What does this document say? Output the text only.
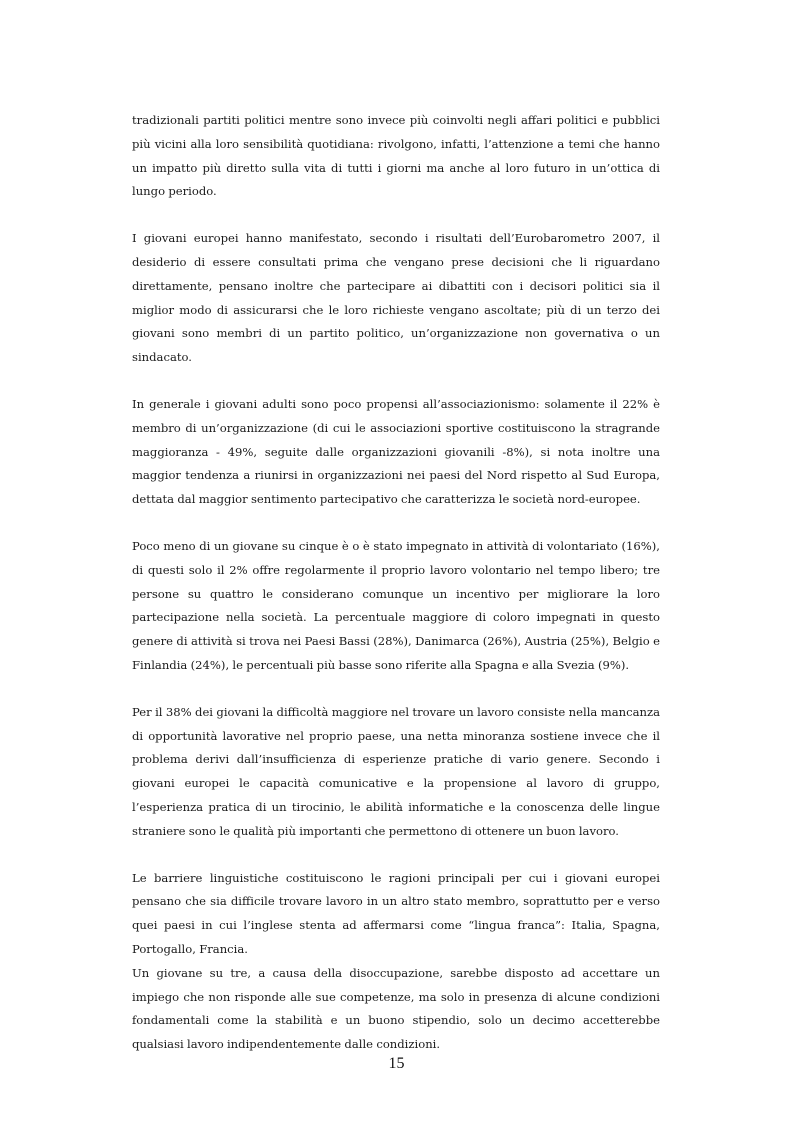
tradizionali partiti politici mentre sono invece più coinvolti negli affari politici e pubblici più vicini alla loro sensibilità quotidiana: rivolgono, infatti, l’attenzione a temi che hanno un impatto più diretto sulla vita di tutti i giorni ma anche al loro futuro in un’ottica di lungo periodo.

I giovani europei hanno manifestato, secondo i risultati dell’Eurobarometro 2007, il desiderio di essere consultati prima che vengano prese decisioni che li riguardano direttamente, pensano inoltre che partecipare ai dibattiti con i decisori politici sia il miglior modo di assicurarsi che le loro richieste vengano ascoltate; più di un terzo dei giovani sono membri di un partito politico, un’organizzazione non governativa o un sindacato.

In generale i giovani adulti sono poco propensi all’associazionismo: solamente il 22% è membro di un’organizzazione (di cui le associazioni sportive costituiscono la stragrande maggioranza - 49%, seguite dalle organizzazioni giovanili -8%), si nota inoltre una maggior tendenza a riunirsi in organizzazioni nei paesi del Nord rispetto al Sud Europa, dettata dal maggior sentimento partecipativo che caratterizza le società nord-europee.

Poco meno di un giovane su cinque è o è stato impegnato in attività di volontariato (16%), di questi solo il 2% offre regolarmente il proprio lavoro volontario nel tempo libero; tre persone su quattro le considerano comunque un incentivo per migliorare la loro partecipazione nella società. La percentuale maggiore di coloro impegnati in questo genere di attività si trova nei Paesi Bassi (28%), Danimarca (26%), Austria (25%), Belgio e Finlandia (24%), le percentuali più basse sono riferite alla Spagna e alla Svezia (9%).

Per il 38% dei giovani la difficoltà maggiore nel trovare un lavoro consiste nella mancanza di opportunità lavorative nel proprio paese, una netta minoranza sostiene invece che il problema derivi dall’insufficienza di esperienze pratiche di vario genere. Secondo i giovani europei le capacità comunicative e la propensione al lavoro di gruppo, l’esperienza pratica di un tirocinio, le abilità informatiche e la conoscenza delle lingue straniere sono le qualità più importanti che permettono di ottenere un buon lavoro.

Le barriere linguistiche costituiscono le ragioni principali per cui i giovani europei pensano che sia difficile trovare lavoro in un altro stato membro, soprattutto per e verso quei paesi in cui l’inglese stenta ad affermarsi come “lingua franca”: Italia, Spagna, Portogallo, Francia.

Un giovane su tre, a causa della disoccupazione, sarebbe disposto ad accettare un impiego che non risponde alle sue competenze, ma solo in presenza di alcune condizioni fondamentali come la stabilità e un buono stipendio, solo un decimo accetterebbe qualsiasi lavoro indipendentemente dalle condizioni.

15
